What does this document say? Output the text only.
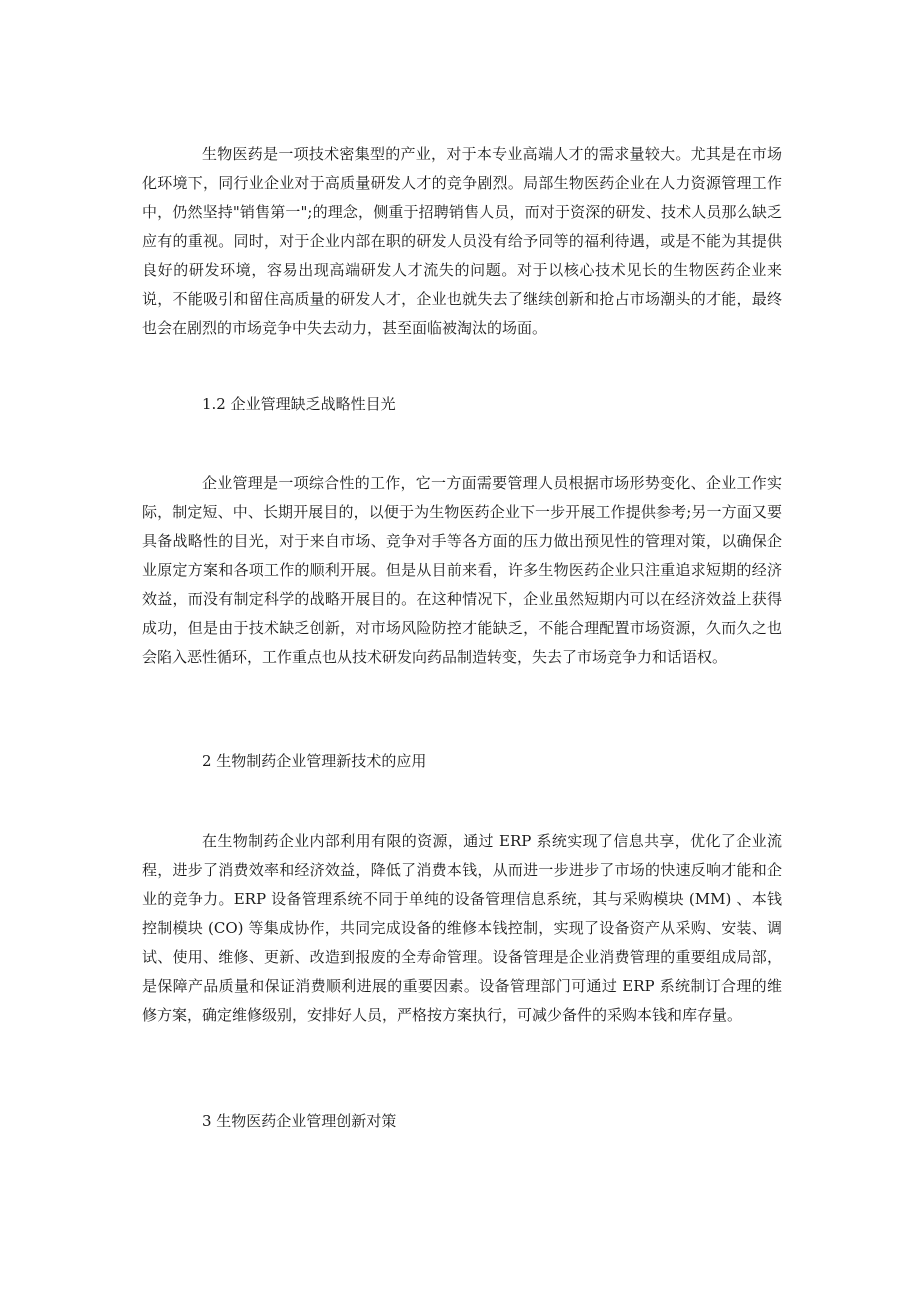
生物医药是一项技术密集型的产业，对于本专业高端人才的需求量较大。尤其是在市场化环境下，同行业企业对于高质量研发人才的竞争剧烈。局部生物医药企业在人力资源管理工作中，仍然坚持"销售第一";的理念，侧重于招聘销售人员，而对于资深的研发、技术人员那么缺乏应有的重视。同时，对于企业内部在职的研发人员没有给予同等的福利待遇，或是不能为其提供良好的研发环境，容易出现高端研发人才流失的问题。对于以核心技术见长的生物医药企业来说，不能吸引和留住高质量的研发人才，企业也就失去了继续创新和抢占市场潮头的才能，最终也会在剧烈的市场竞争中失去动力，甚至面临被淘汰的场面。

1.2 企业管理缺乏战略性目光

企业管理是一项综合性的工作，它一方面需要管理人员根据市场形势变化、企业工作实际，制定短、中、长期开展目的，以便于为生物医药企业下一步开展工作提供参考;另一方面又要具备战略性的目光，对于来自市场、竞争对手等各方面的压力做出预见性的管理对策，以确保企业原定方案和各项工作的顺利开展。但是从目前来看，许多生物医药企业只注重追求短期的经济效益，而没有制定科学的战略开展目的。在这种情况下，企业虽然短期内可以在经济效益上获得成功，但是由于技术缺乏创新，对市场风险防控才能缺乏，不能合理配置市场资源，久而久之也会陷入恶性循环，工作重点也从技术研发向药品制造转变，失去了市场竞争力和话语权。

2 生物制药企业管理新技术的应用

在生物制药企业内部利用有限的资源，通过 ERP 系统实现了信息共享，优化了企业流程，进步了消费效率和经济效益，降低了消费本钱，从而进一步进步了市场的快速反响才能和企业的竞争力。ERP 设备管理系统不同于单纯的设备管理信息系统，其与采购模块 (MM) 、本钱控制模块 (CO) 等集成协作，共同完成设备的维修本钱控制，实现了设备资产从采购、安装、调试、使用、维修、更新、改造到报废的全寿命管理。设备管理是企业消费管理的重要组成局部，是保障产品质量和保证消费顺利进展的重要因素。设备管理部门可通过 ERP 系统制订合理的维修方案，确定维修级别，安排好人员，严格按方案执行，可减少备件的采购本钱和库存量。

3 生物医药企业管理创新对策
